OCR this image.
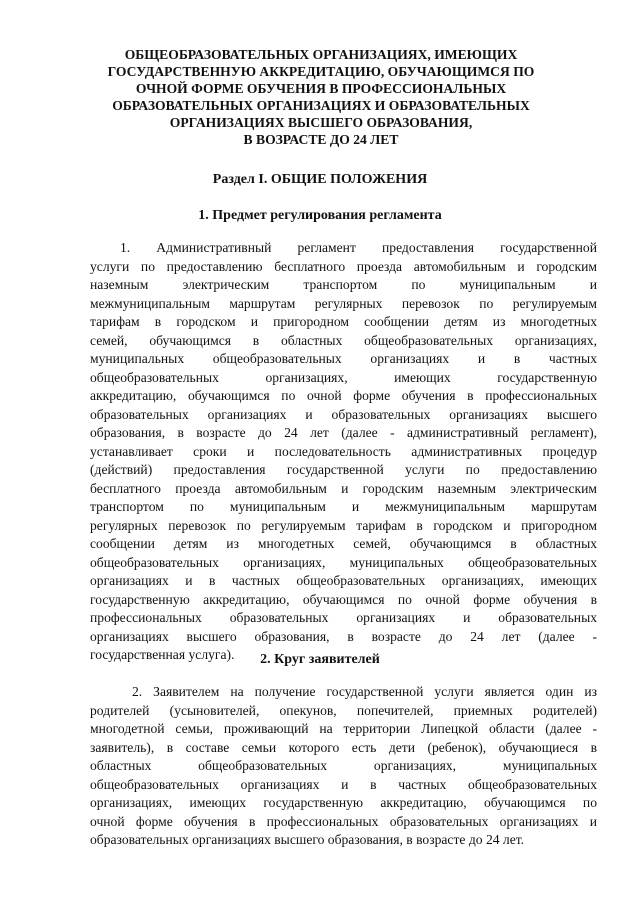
ОБЩЕОБРАЗОВАТЕЛЬНЫХ ОРГАНИЗАЦИЯХ, ИМЕЮЩИХ
ГОСУДАРСТВЕННУЮ АККРЕДИТАЦИЮ, ОБУЧАЮЩИМСЯ ПО
ОЧНОЙ ФОРМЕ ОБУЧЕНИЯ В ПРОФЕССИОНАЛЬНЫХ
ОБРАЗОВАТЕЛЬНЫХ ОРГАНИЗАЦИЯХ И ОБРАЗОВАТЕЛЬНЫХ
ОРГАНИЗАЦИЯХ ВЫСШЕГО ОБРАЗОВАНИЯ,
В ВОЗРАСТЕ ДО 24 ЛЕТ
Раздел I. ОБЩИЕ ПОЛОЖЕНИЯ
1. Предмет регулирования регламента
1. Административный регламент предоставления государственной
услуги по предоставлению бесплатного проезда автомобильным и городским
наземным электрическим транспортом по муниципальным и
межмуниципальным маршрутам регулярных перевозок по регулируемым
тарифам в городском и пригородном сообщении детям из многодетных
семей, обучающимся в областных общеобразовательных организациях,
муниципальных общеобразовательных организациях и в частных
общеобразовательных организациях, имеющих государственную
аккредитацию, обучающимся по очной форме обучения в профессиональных
образовательных организациях и образовательных организациях высшего
образования, в возрасте до 24 лет (далее - административный регламент),
устанавливает сроки и последовательность административных процедур
(действий) предоставления государственной услуги по предоставлению
бесплатного проезда автомобильным и городским наземным электрическим
транспортом по муниципальным и межмуниципальным маршрутам
регулярных перевозок по регулируемым тарифам в городском и пригородном
сообщении детям из многодетных семей, обучающимся в областных
общеобразовательных организациях, муниципальных общеобразовательных
организациях и в частных общеобразовательных организациях, имеющих
государственную аккредитацию, обучающимся по очной форме обучения в
профессиональных образовательных организациях и образовательных
организациях высшего образования, в возрасте до 24 лет (далее -
государственная услуга).	2. Круг заявителей
2. Заявителем на получение государственной услуги является один из
родителей (усыновителей, опекунов, попечителей, приемных родителей)
многодетной семьи, проживающий на территории Липецкой области (далее -
заявитель), в составе семьи которого есть дети (ребенок), обучающиеся в
областных общеобразовательных организациях, муниципальных
общеобразовательных организациях и в частных общеобразовательных
организациях, имеющих государственную аккредитацию, обучающимся по
очной форме обучения в профессиональных образовательных организациях и
образовательных организациях высшего образования, в возрасте до 24 лет.
